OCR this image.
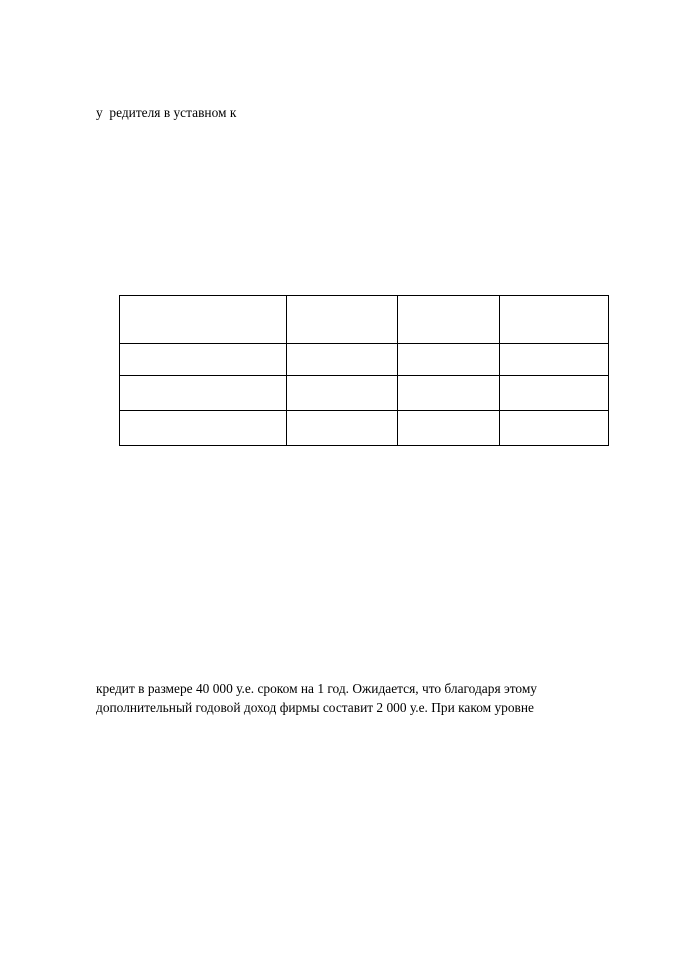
у  редителя в уставном к

кредит в размере 40 000 у.е. сроком на 1 год. Ожидается, что благодаря этому
дополнительный годовой доход фирмы составит 2 000 у.е. При каком уровне
